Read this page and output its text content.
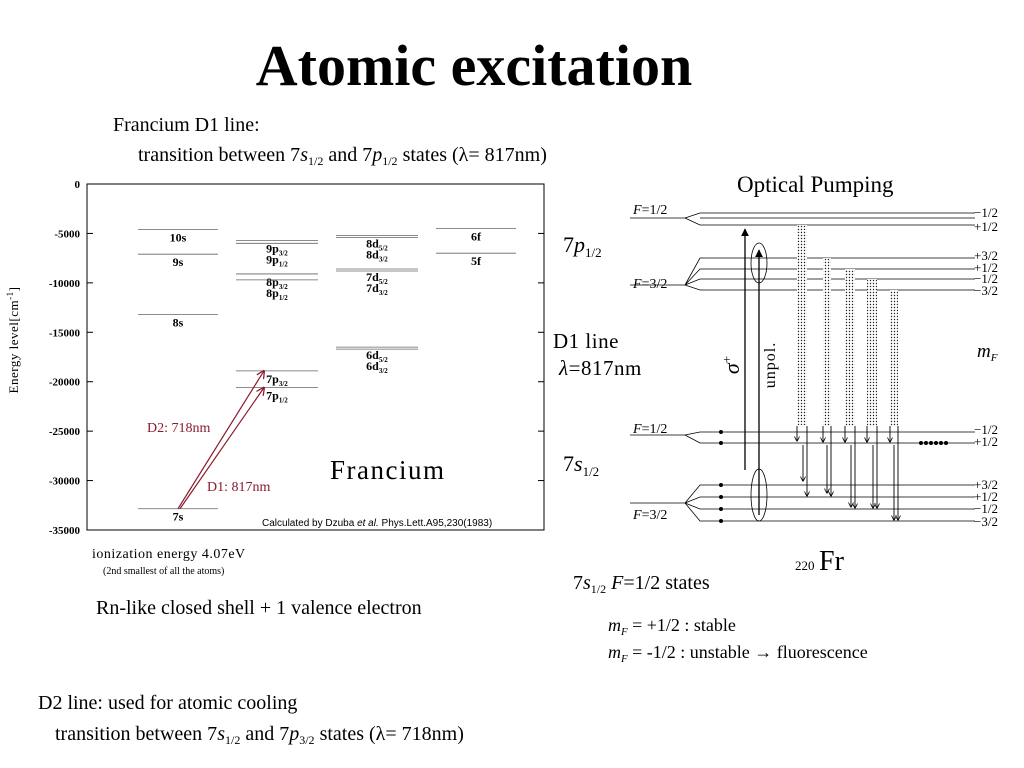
Atomic excitation
Francium D1 line:
transition between $7s_{1/2}$ and $7p_{1/2}$ states (λ= 817nm)
0
-5000
-10000
-15000
-20000
-25000
-30000
-35000
10s
9s
8s
7s
$9p_{3/2}$
$9p_{1/2}$
$8p_{3/2}$
$8p_{1/2}$
$7p_{3/2}$
$7p_{1/2}$
$8d_{5/2}$
$8d_{3/2}$
$7d_{5/2}$
$7d_{3/2}$
$6d_{5/2}$
$6d_{3/2}$
6f
5f
Energy $level[cm^{-1}]$
D2: 718nm
D1: 817nm
Francium
Calculated by Dzuba et al. Phys.Lett.A95,230(1983)
ionization energy 4.07eV
(2nd smallest of all the atoms)
Rn-like closed shell + 1 valence electron
Optical Pumping
F=1/2
F=3/2
F=1/2
F=3/2
$7p_{1/2}$
$7s_{1/2}$
D1 line
λ=817nm	σ+	unpol.
−1/2
+1/2
+3/2
+1/2
−1/2
−3/2
−1/2
+1/2
+3/2
+1/2
−1/2
−3/2
$m_F$
220 Fr
$7s_{1/2}$ F=1/2 states
$m_F = +1/2$ : stable
$m_F = -1/2$ : unstable → fluorescence
D2 line: used for atomic cooling
transition between $7s_{1/2}$ and $7p_{3/2}$ states (λ= 718nm)
